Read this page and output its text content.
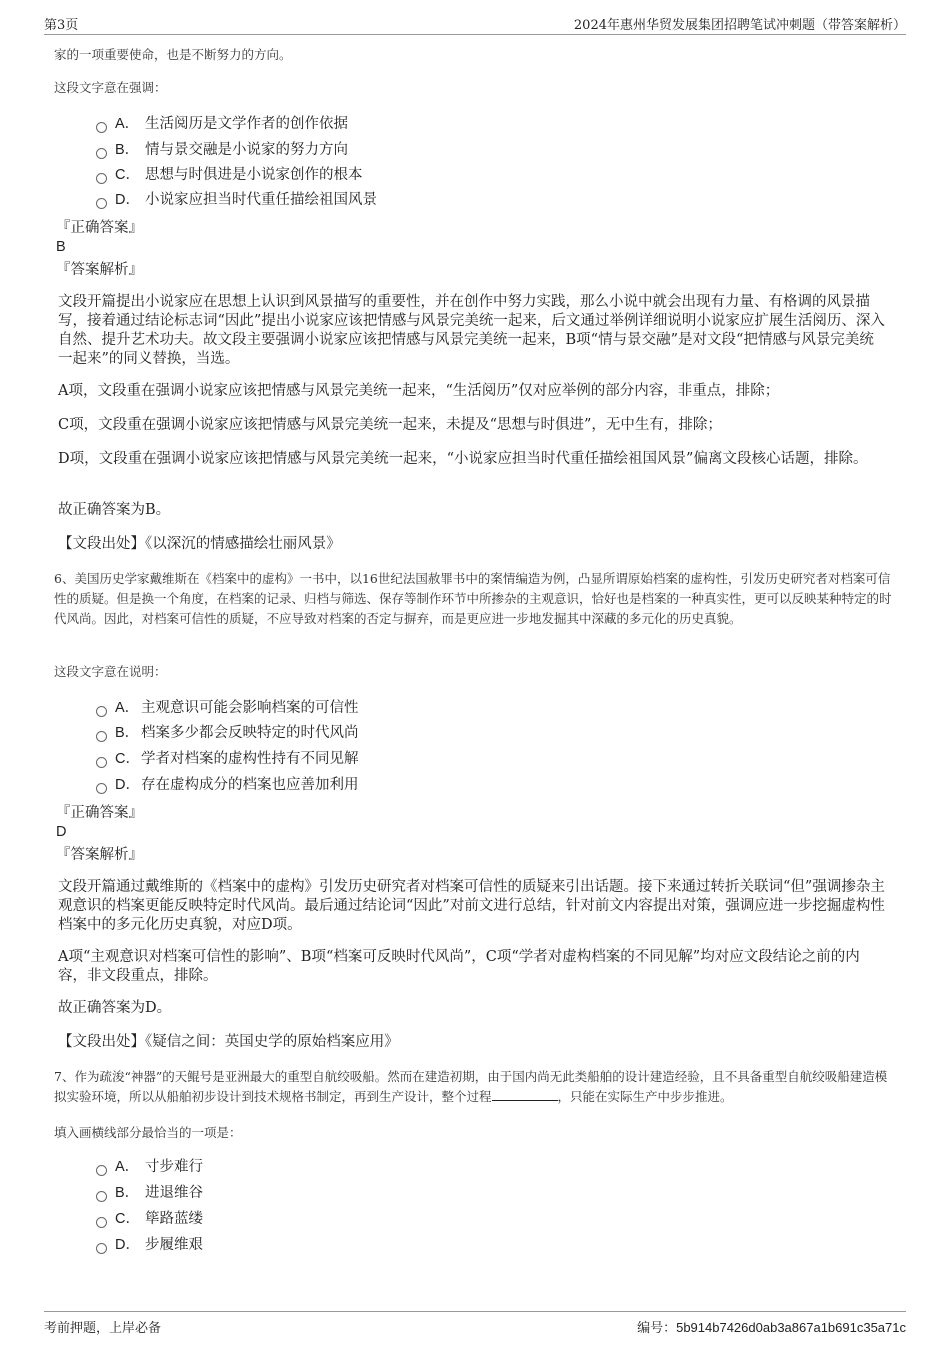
第3页	2024年惠州华贸发展集团招聘笔试冲刺题（带答案解析）

家的一项重要使命，也是不断努力的方向。

这段文字意在强调：

A． 生活阅历是文学作者的创作依据
B． 情与景交融是小说家的努力方向
C． 思想与时俱进是小说家创作的根本
D． 小说家应担当时代重任描绘祖国风景

『正确答案』

B

『答案解析』

文段开篇提出小说家应在思想上认识到风景描写的重要性，并在创作中努力实践，那么小说中就会出现有力量、有格调的风景描写，接着通过结论标志词“因此”提出小说家应该把情感与风景完美统一起来，后文通过举例详细说明小说家应扩展生活阅历、深入自然、提升艺术功夫。故文段主要强调小说家应该把情感与风景完美统一起来，B项“情与景交融”是对文段“把情感与风景完美统一起来”的同义替换，当选。

A项，文段重在强调小说家应该把情感与风景完美统一起来，“生活阅历”仅对应举例的部分内容，非重点，排除；

C项，文段重在强调小说家应该把情感与风景完美统一起来，未提及“思想与时俱进”，无中生有，排除；

D项，文段重在强调小说家应该把情感与风景完美统一起来，“小说家应担当时代重任描绘祖国风景”偏离文段核心话题，排除。

故正确答案为B。

【文段出处】《以深沉的情感描绘壮丽风景》

6、美国历史学家戴维斯在《档案中的虚构》一书中，以16世纪法国赦罪书中的案情编造为例，凸显所谓原始档案的虚构性，引发历史研究者对档案可信性的质疑。但是换一个角度，在档案的记录、归档与筛选、保存等制作环节中所掺杂的主观意识，恰好也是档案的一种真实性，更可以反映某种特定的时代风尚。因此，对档案可信性的质疑，不应导致对档案的否定与摒弃，而是更应进一步地发掘其中深藏的多元化的历史真貌。

这段文字意在说明：

A． 主观意识可能会影响档案的可信性
B． 档案多少都会反映特定的时代风尚
C．学者对档案的虚构性持有不同见解
D．存在虚构成分的档案也应善加利用

『正确答案』

D

『答案解析』

文段开篇通过戴维斯的《档案中的虚构》引发历史研究者对档案可信性的质疑来引出话题。接下来通过转折关联词“但”强调掺杂主观意识的档案更能反映特定时代风尚。最后通过结论词“因此”对前文进行总结，针对前文内容提出对策，强调应进一步挖掘虚构性档案中的多元化历史真貌，对应D项。

A项“主观意识对档案可信性的影响”、B项“档案可反映时代风尚”，C项“学者对虚构档案的不同见解”均对应文段结论之前的内容，非文段重点，排除。

故正确答案为D。

【文段出处】《疑信之间：英国史学的原始档案应用》

7、作为疏浚“神器”的天鲲号是亚洲最大的重型自航绞吸船。然而在建造初期，由于国内尚无此类船舶的设计建造经验，且不具备重型自航绞吸船建造模拟实验环境，所以从船舶初步设计到技术规格书制定，再到生产设计，整个过程	，只能在实际生产中步步推进。

填入画横线部分最恰当的一项是：

A． 寸步难行
B． 进退维谷
C． 筚路蓝缕
D． 步履维艰
考前押题，上岸必备	编号：5b914b7426d0ab3a867a1b691c35a71c
